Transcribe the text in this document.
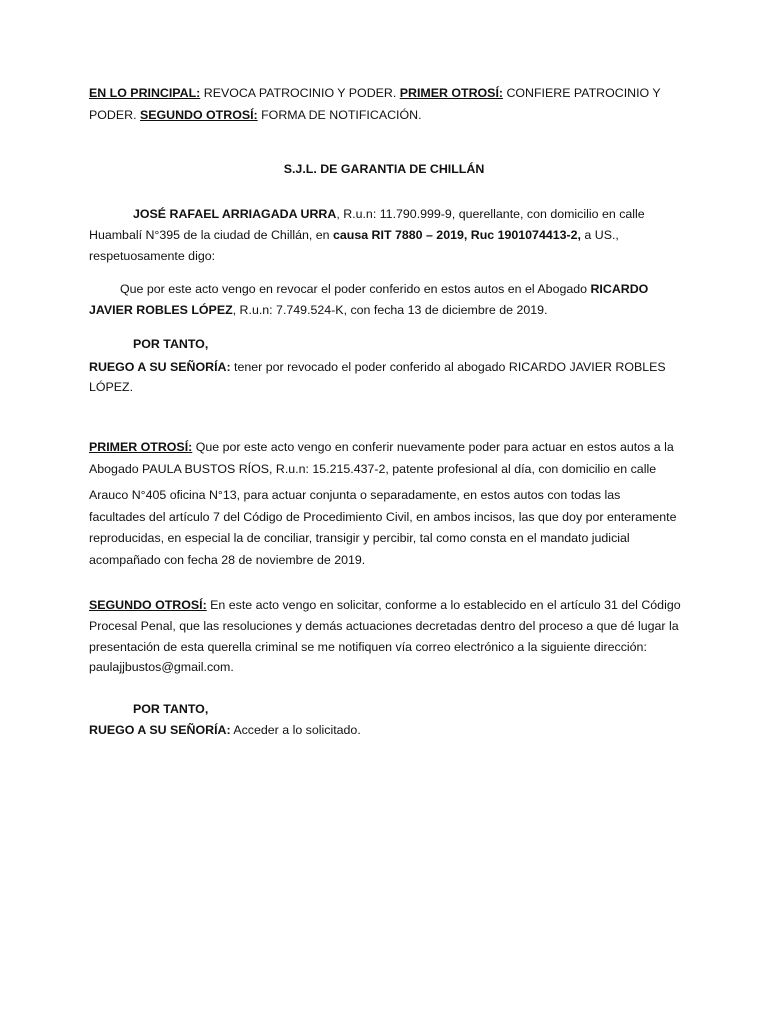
EN LO PRINCIPAL: REVOCA PATROCINIO Y PODER. PRIMER OTROSÍ: CONFIERE PATROCINIO Y
PODER. SEGUNDO OTROSÍ: FORMA DE NOTIFICACIÓN.
S.J.L. DE GARANTIA DE CHILLÁN
JOSÉ RAFAEL ARRIAGADA URRA, R.u.n: 11.790.999-9, querellante, con domicilio en calle
Huambalí N°395 de la ciudad de Chillán, en causa RIT 7880 – 2019, Ruc 1901074413-2, a US.,
respetuosamente digo:
Que por este acto vengo en revocar el poder conferido en estos autos en el Abogado RICARDO
JAVIER ROBLES LÓPEZ, R.u.n: 7.749.524-K, con fecha 13 de diciembre de 2019.
POR TANTO,
RUEGO A SU SEÑORÍA: tener por revocado el poder conferido al abogado RICARDO JAVIER ROBLES
LÓPEZ.
PRIMER OTROSÍ: Que por este acto vengo en conferir nuevamente poder para actuar en estos autos a la
Abogado PAULA BUSTOS RÍOS, R.u.n: 15.215.437-2, patente profesional al día, con domicilio en calle
Arauco N°405 oficina N°13, para actuar conjunta o separadamente, en estos autos con todas las
facultades del artículo 7 del Código de Procedimiento Civil, en ambos incisos, las que doy por enteramente
reproducidas, en especial la de conciliar, transigir y percibir, tal como consta en el mandato judicial
acompañado con fecha 28 de noviembre de 2019.
SEGUNDO OTROSÍ: En este acto vengo en solicitar, conforme a lo establecido en el artículo 31 del Código
Procesal Penal, que las resoluciones y demás actuaciones decretadas dentro del proceso a que dé lugar la
presentación de esta querella criminal se me notifiquen vía correo electrónico a la siguiente dirección:
paulajjbustos@gmail.com.
POR TANTO,
RUEGO A SU SEÑORÍA: Acceder a lo solicitado.
